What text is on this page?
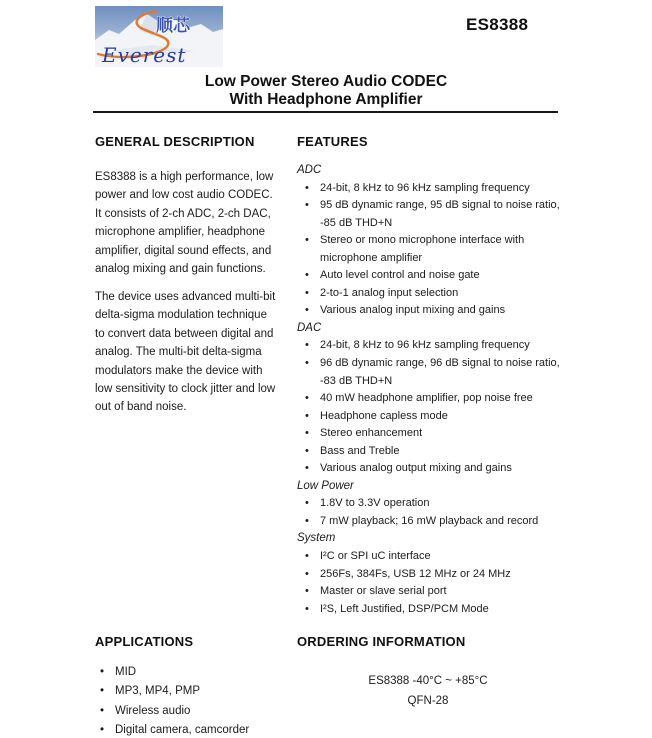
顺芯
Everest
ES8388
Low Power Stereo Audio CODEC
With Headphone Amplifier
GENERAL DESCRIPTION
ES8388 is a high performance, low
power and low cost audio CODEC.
It consists of 2-ch ADC, 2-ch DAC,
microphone amplifier, headphone
amplifier, digital sound effects, and
analog mixing and gain functions.
The device uses advanced multi-bit
delta-sigma modulation technique
to convert data between digital and
analog. The multi-bit delta-sigma
modulators make the device with
low sensitivity to clock jitter and low
out of band noise.
FEATURES
ADC
•	24-bit, 8 kHz to 96 kHz sampling frequency
•	95 dB dynamic range, 95 dB signal to noise ratio,
-85 dB THD+N
•	Stereo or mono microphone interface with
microphone amplifier
•	Auto level control and noise gate
•	2-to-1 analog input selection
•	Various analog input mixing and gains
DAC
•	24-bit, 8 kHz to 96 kHz sampling frequency
•	96 dB dynamic range, 96 dB signal to noise ratio,
-83 dB THD+N
•	40 mW headphone amplifier, pop noise free
•	Headphone capless mode
•	Stereo enhancement
•	Bass and Treble
•	Various analog output mixing and gains
Low Power
•	1.8V to 3.3V operation
•	7 mW playback; 16 mW playback and record
System
•	I²C or SPI uC interface
•	256Fs, 384Fs, USB 12 MHz or 24 MHz
•	Master or slave serial port
•	I²S, Left Justified, DSP/PCM Mode
APPLICATIONS
• MID
• MP3, MP4, PMP
• Wireless audio
• Digital camera, camcorder
ORDERING INFORMATION
ES8388 -40°C ~ +85°C
QFN-28
